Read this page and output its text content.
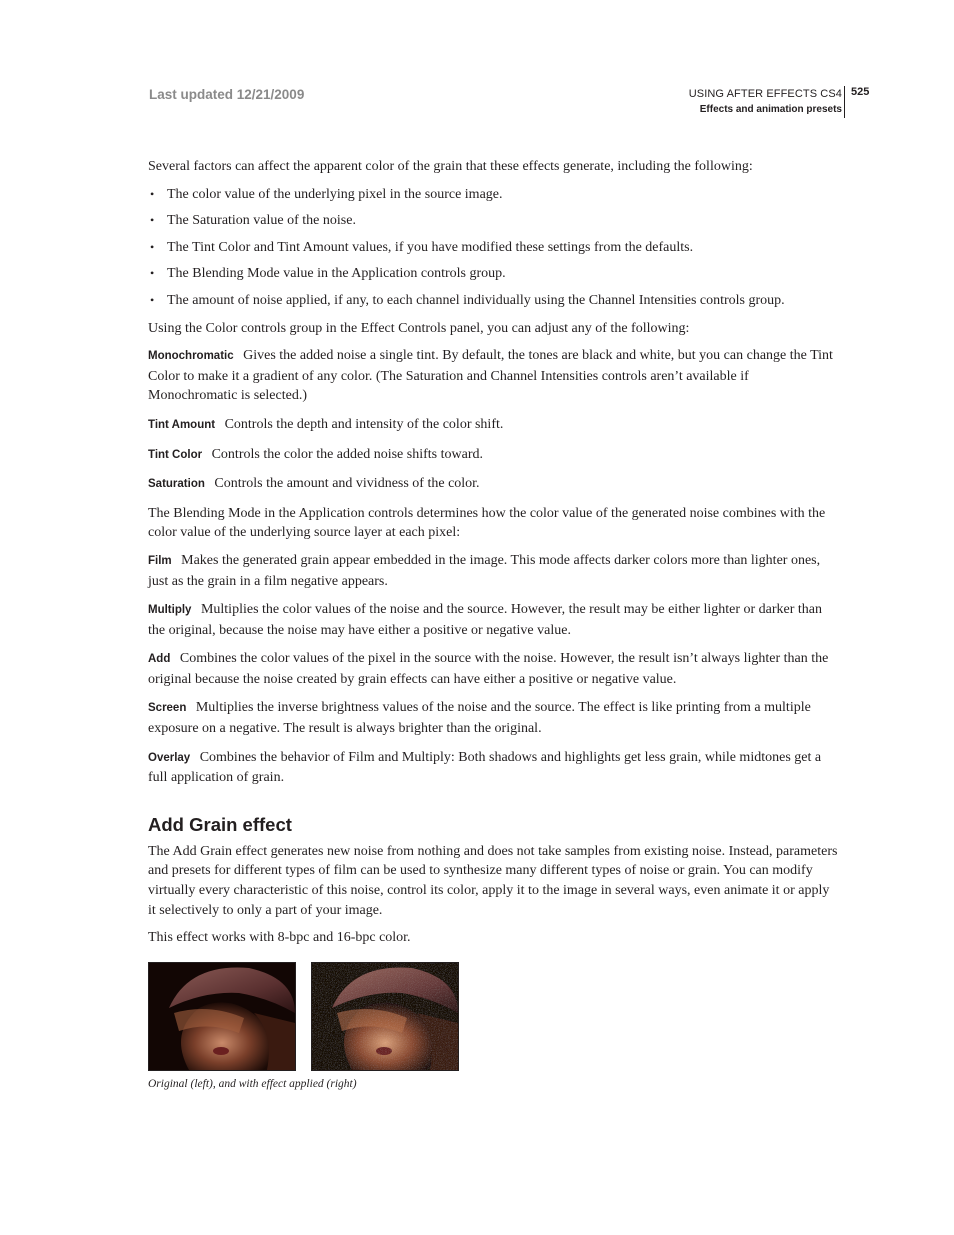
Last updated 12/21/2009	USING AFTER EFFECTS CS4
Effects and animation presets
525

Several factors can affect the apparent color of the grain that these effects generate, including the following:

• The color value of the underlying pixel in the source image.
• The Saturation value of the noise.
• The Tint Color and Tint Amount values, if you have modified these settings from the defaults.
• The Blending Mode value in the Application controls group.
• The amount of noise applied, if any, to each channel individually using the Channel Intensities controls group.

Using the Color controls group in the Effect Controls panel, you can adjust any of the following:

Monochromatic Gives the added noise a single tint. By default, the tones are black and white, but you can change the Tint Color to make it a gradient of any color. (The Saturation and Channel Intensities controls aren’t available if Monochromatic is selected.)
Tint Amount Controls the depth and intensity of the color shift.
Tint Color Controls the color the added noise shifts toward.
Saturation Controls the amount and vividness of the color.

The Blending Mode in the Application controls determines how the color value of the generated noise combines with the color value of the underlying source layer at each pixel:

Film Makes the generated grain appear embedded in the image. This mode affects darker colors more than lighter ones, just as the grain in a film negative appears.
Multiply Multiplies the color values of the noise and the source. However, the result may be either lighter or darker than the original, because the noise may have either a positive or negative value.
Add Combines the color values of the pixel in the source with the noise. However, the result isn’t always lighter than the original because the noise created by grain effects can have either a positive or negative value.
Screen Multiplies the inverse brightness values of the noise and the source. The effect is like printing from a multiple exposure on a negative. The result is always brighter than the original.
Overlay Combines the behavior of Film and Multiply: Both shadows and highlights get less grain, while midtones get a full application of grain.
Add Grain effect

The Add Grain effect generates new noise from nothing and does not take samples from existing noise. Instead, parameters and presets for different types of film can be used to synthesize many different types of noise or grain. You can modify virtually every characteristic of this noise, control its color, apply it to the image in several ways, even animate it or apply it selectively to only a part of your image.

This effect works with 8-bpc and 16-bpc color.

Original (left), and with effect applied (right)
